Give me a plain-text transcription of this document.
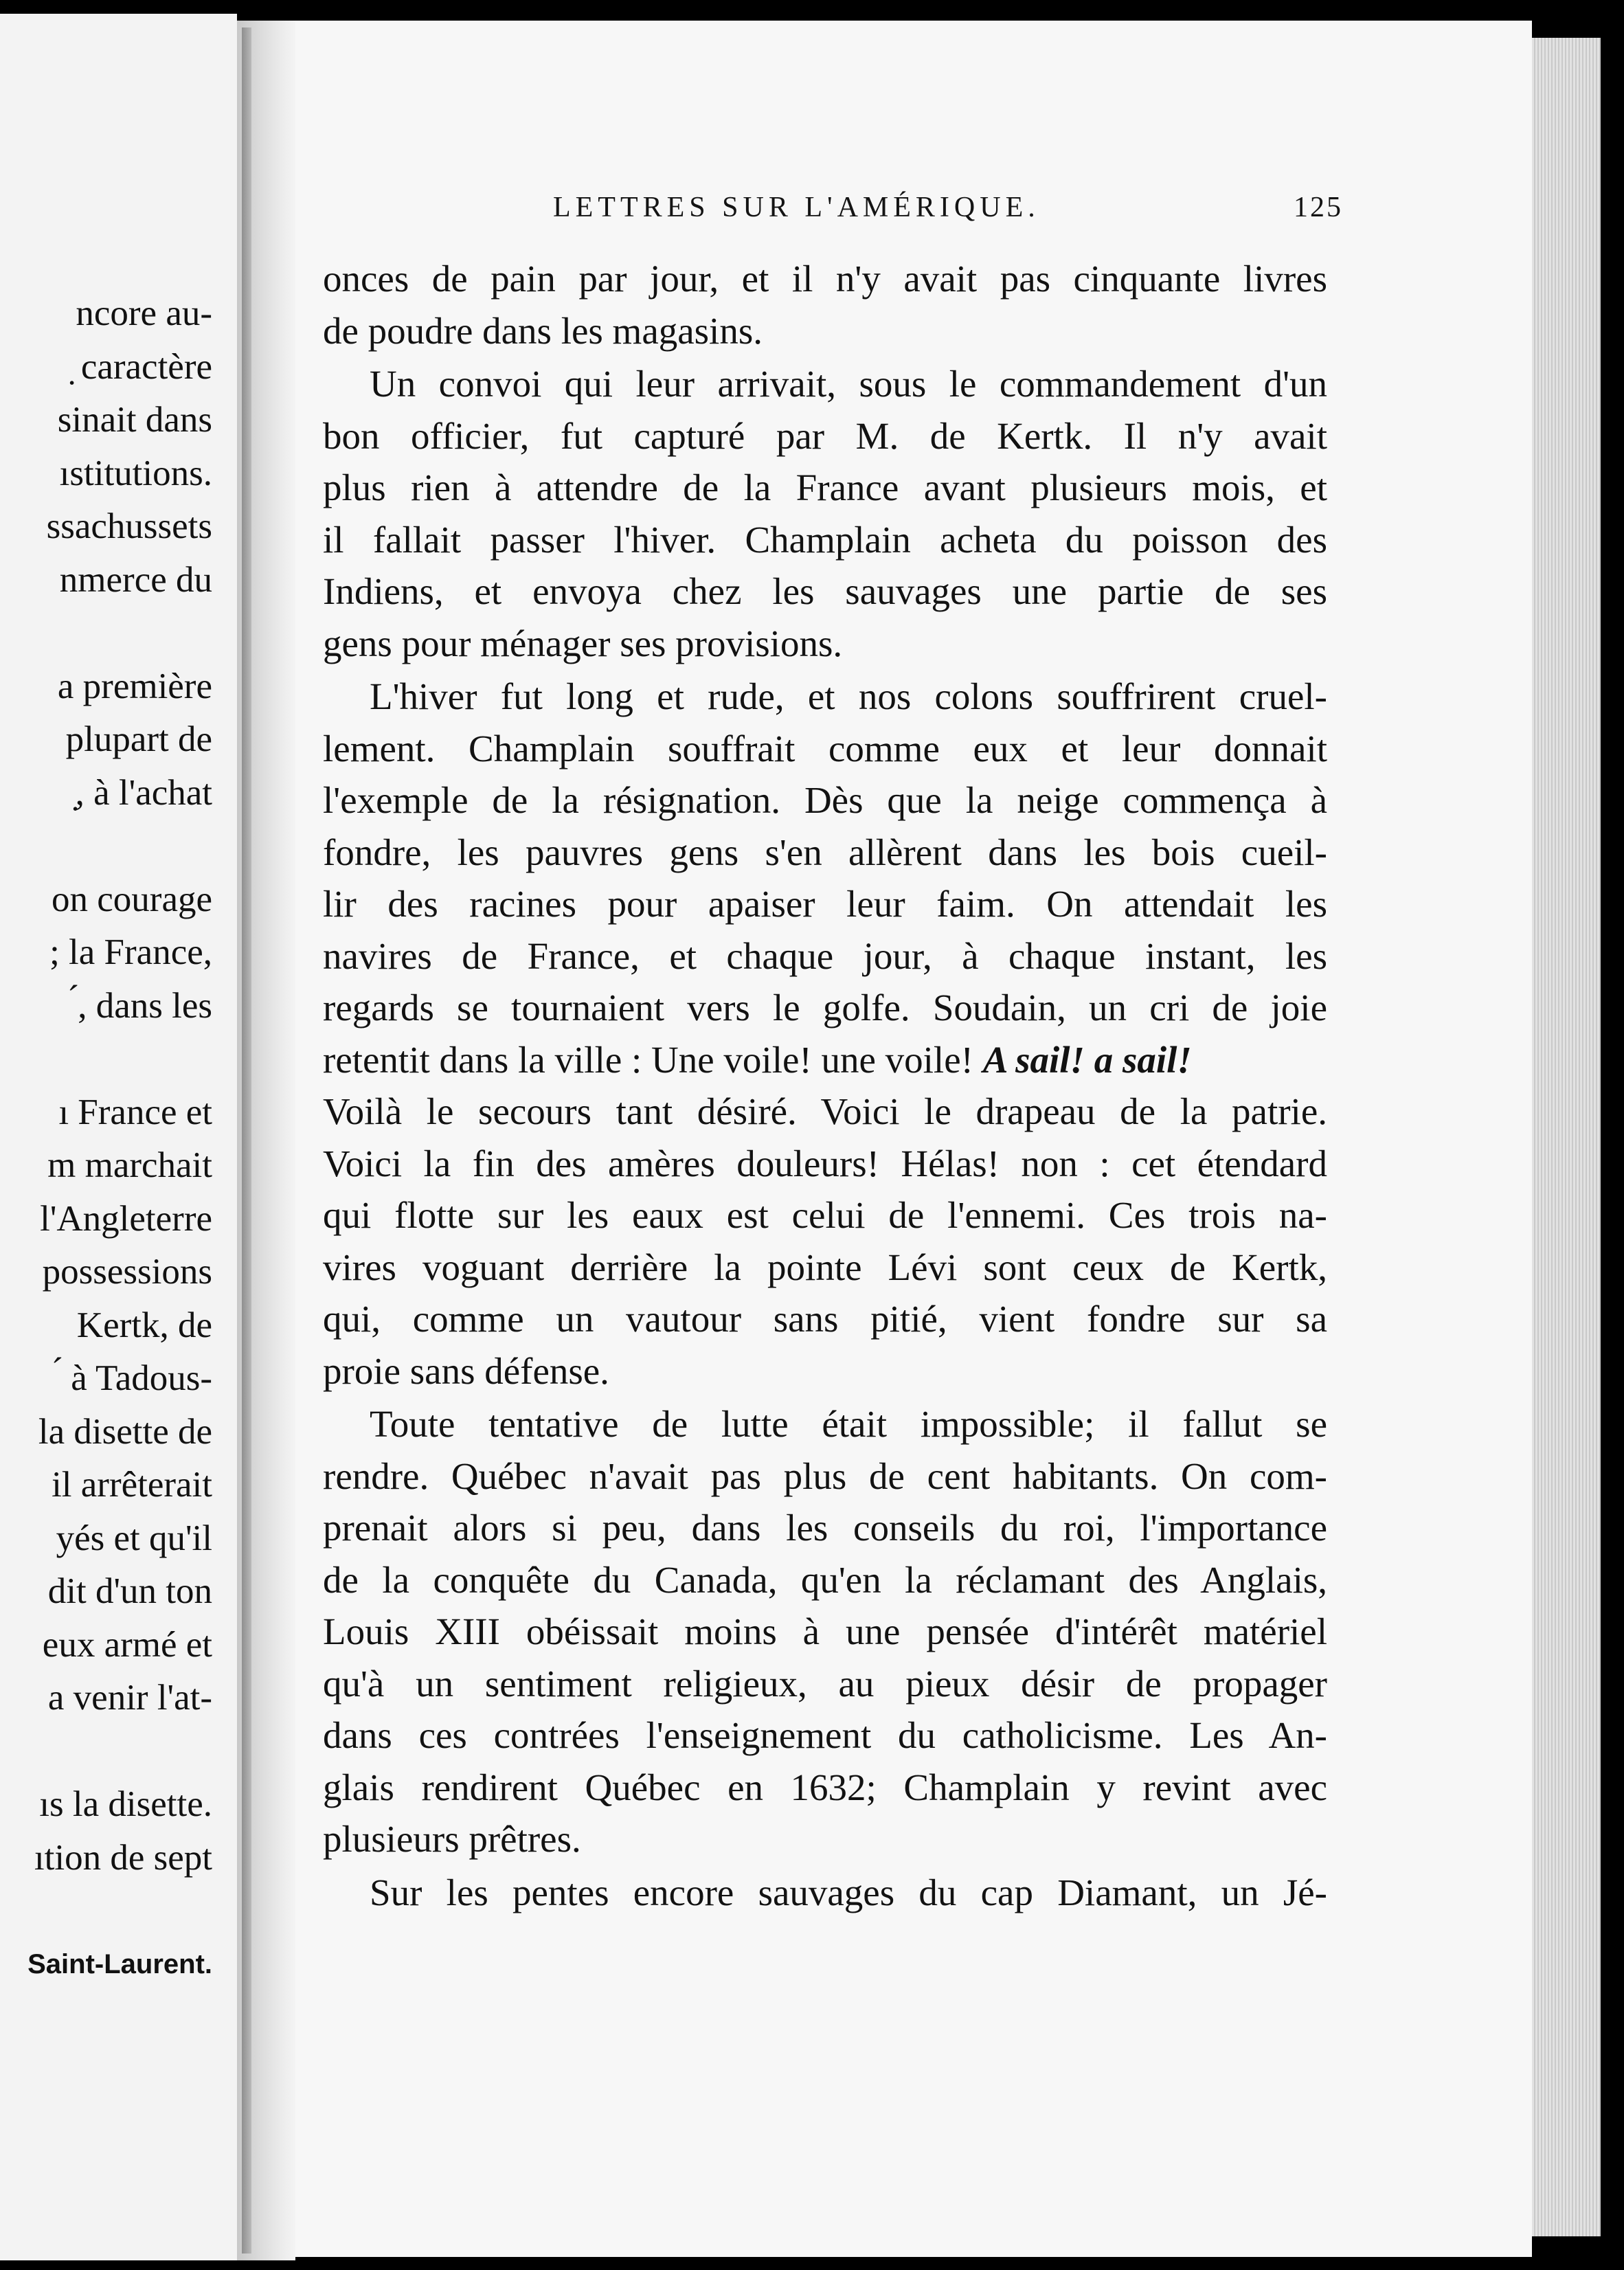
ncore au-
̣ caractère
sinait dans
ıstitutions.
ssachussets
nmerce du
a première
plupart de
̣, à l'achat
on courage
; la France,
́, dans les
ı France et
m marchait
l'Angleterre
possessions
Kertk, de
́ à Tadous-
la disette de
il arrêterait
yés et qu'il
dit d'un ton
eux armé et
a venir l'at-
ıs la disette.
ıtion de sept
Saint-Laurent.
LETTRES SUR L'AMÉRIQUE.	125
onces de pain par jour, et il n'y avait pas cinquante livres
de poudre dans les magasins.
Un convoi qui leur arrivait, sous le commandement d'un
bon officier, fut capturé par M. de Kertk. Il n'y avait
plus rien à attendre de la France avant plusieurs mois, et
il fallait passer l'hiver. Champlain acheta du poisson des
Indiens, et envoya chez les sauvages une partie de ses
gens pour ménager ses provisions.
L'hiver fut long et rude, et nos colons souffrirent cruel-
lement. Champlain souffrait comme eux et leur donnait
l'exemple de la résignation. Dès que la neige commença à
fondre, les pauvres gens s'en allèrent dans les bois cueil-
lir des racines pour apaiser leur faim. On attendait les
navires de France, et chaque jour, à chaque instant, les
regards se tournaient vers le golfe. Soudain, un cri de joie
retentit dans la ville : Une voile! une voile! A sail! a sail!
Voilà le secours tant désiré. Voici le drapeau de la patrie.
Voici la fin des amères douleurs! Hélas! non : cet étendard
qui flotte sur les eaux est celui de l'ennemi. Ces trois na-
vires voguant derrière la pointe Lévi sont ceux de Kertk,
qui, comme un vautour sans pitié, vient fondre sur sa
proie sans défense.
Toute tentative de lutte était impossible; il fallut se
rendre. Québec n'avait pas plus de cent habitants. On com-
prenait alors si peu, dans les conseils du roi, l'importance
de la conquête du Canada, qu'en la réclamant des Anglais,
Louis XIII obéissait moins à une pensée d'intérêt matériel
qu'à un sentiment religieux, au pieux désir de propager
dans ces contrées l'enseignement du catholicisme. Les An-
glais rendirent Québec en 1632; Champlain y revint avec
plusieurs prêtres.
Sur les pentes encore sauvages du cap Diamant, un Jé-
